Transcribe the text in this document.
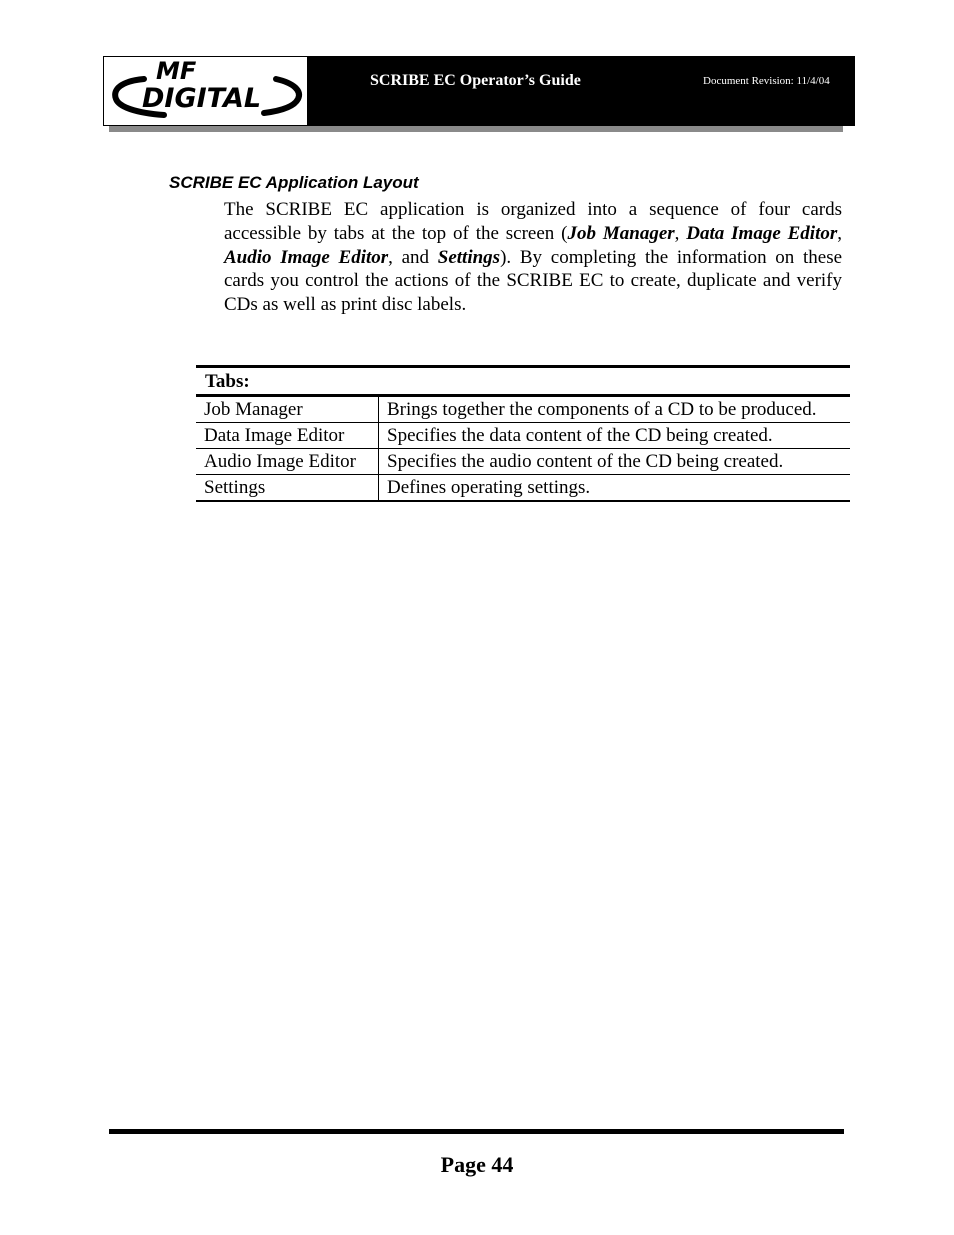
MF
DIGITAL
SCRIBE EC Operator’s Guide	Document Revision: 11/4/04
SCRIBE EC Application Layout
The SCRIBE EC application is organized into a sequence of four cards accessible by tabs at the top of the screen (Job Manager, Data Image Editor, Audio Image Editor, and Settings). By completing the information on these cards you control the actions of the SCRIBE EC to create, duplicate and verify CDs as well as print disc labels.
Tabs:	
Job Manager	Brings together the components of a CD to be produced.
Data Image Editor	Specifies the data content of the CD being created.
Audio Image Editor	Specifies the audio content of the CD being created.
Settings	Defines operating settings.
Page 44
